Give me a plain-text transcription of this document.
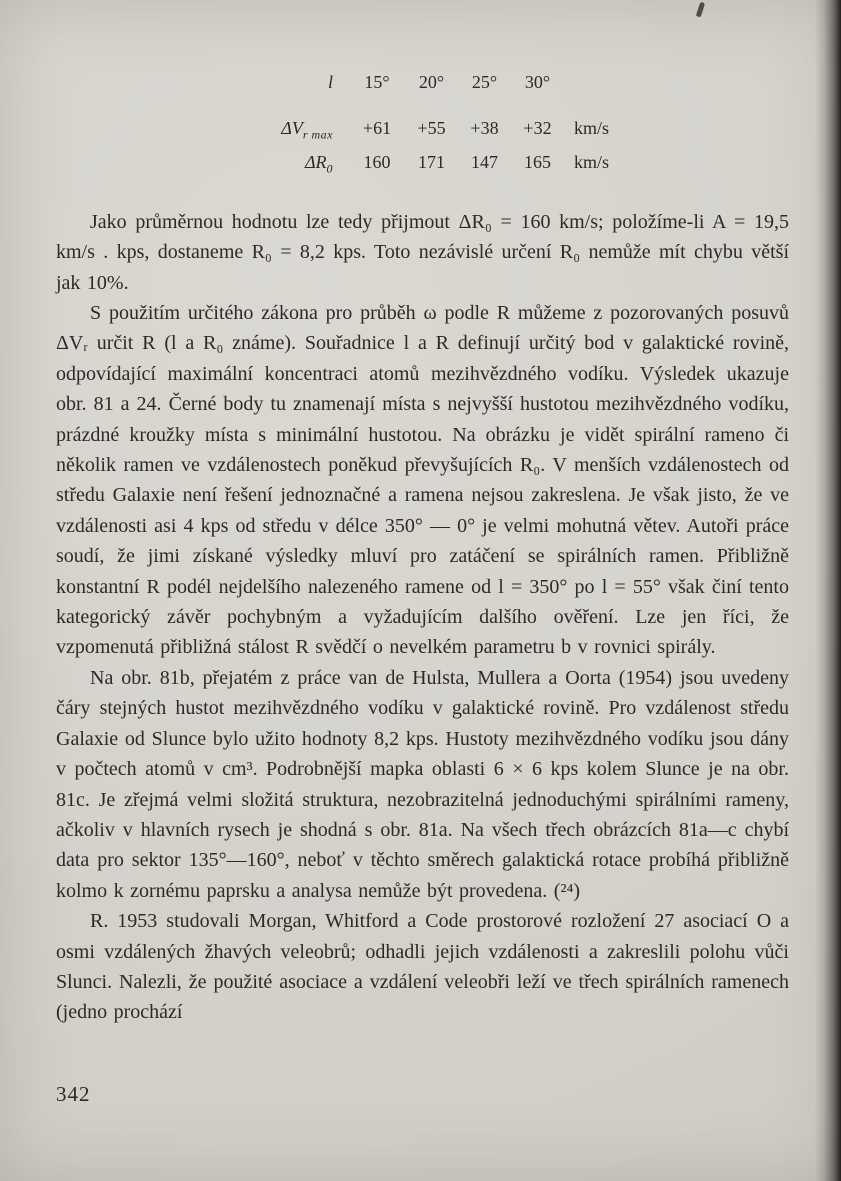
l	15°	20°	25°	30°
$\Delta V_{r max}$	+61	+55	+38	+32	km/s
$\Delta R_0$	160	171	147	165	km/s

Jako průměrnou hodnotu lze tedy přijmout ΔR₀ = 160 km/s; položíme-li A = 19,5 km/s . kps, dostaneme R₀ = 8,2 kps. Toto nezávislé určení R₀ nemůže mít chybu větší jak 10%.

S použitím určitého zákona pro průběh ω podle R můžeme z pozorovaných posuvů ΔVᵣ určit R (l a R₀ známe). Souřadnice l a R definují určitý bod v galaktické rovině, odpovídající maximální koncentraci atomů mezihvězdného vodíku. Výsledek ukazuje obr. 81 a 24. Černé body tu znamenají místa s nejvyšší hustotou mezihvězdného vodíku, prázdné kroužky místa s minimální hustotou. Na obrázku je vidět spirální rameno či několik ramen ve vzdálenostech poněkud převyšujících R₀. V menších vzdálenostech od středu Galaxie není řešení jednoznačné a ramena nejsou zakreslena. Je však jisto, že ve vzdálenosti asi 4 kps od středu v délce 350° — 0° je velmi mohutná větev. Autoři práce soudí, že jimi získané výsledky mluví pro zatáčení se spirálních ramen. Přibližně konstantní R podél nejdelšího nalezeného ramene od l = 350° po l = 55° však činí tento kategorický závěr pochybným a vyžadujícím dalšího ověření. Lze jen říci, že vzpomenutá přibližná stálost R svědčí o nevelkém parametru b v rovnici spirály.

Na obr. 81b, přejatém z práce van de Hulsta, Mullera a Oorta (1954) jsou uvedeny čáry stejných hustot mezihvězdného vodíku v galaktické rovině. Pro vzdálenost středu Galaxie od Slunce bylo užito hodnoty 8,2 kps. Hustoty mezihvězdného vodíku jsou dány v počtech atomů v cm³. Podrobnější mapka oblasti 6 × 6 kps kolem Slunce je na obr. 81c. Je zřejmá velmi složitá struktura, nezobrazitelná jednoduchými spirálními rameny, ačkoliv v hlavních rysech je shodná s obr. 81a. Na všech třech obrázcích 81a—c chybí data pro sektor 135°—160°, neboť v těchto směrech galaktická rotace probíhá přibližně kolmo k zornému paprsku a analysa nemůže být provedena. (²⁴)

R. 1953 studovali Morgan, Whitford a Code prostorové rozložení 27 asociací O a osmi vzdálených žhavých veleobrů; odhadli jejich vzdálenosti a zakreslili polohu vůči Slunci. Nalezli, že použité asociace a vzdálení veleobři leží ve třech spirálních ramenech (jedno prochází

342
